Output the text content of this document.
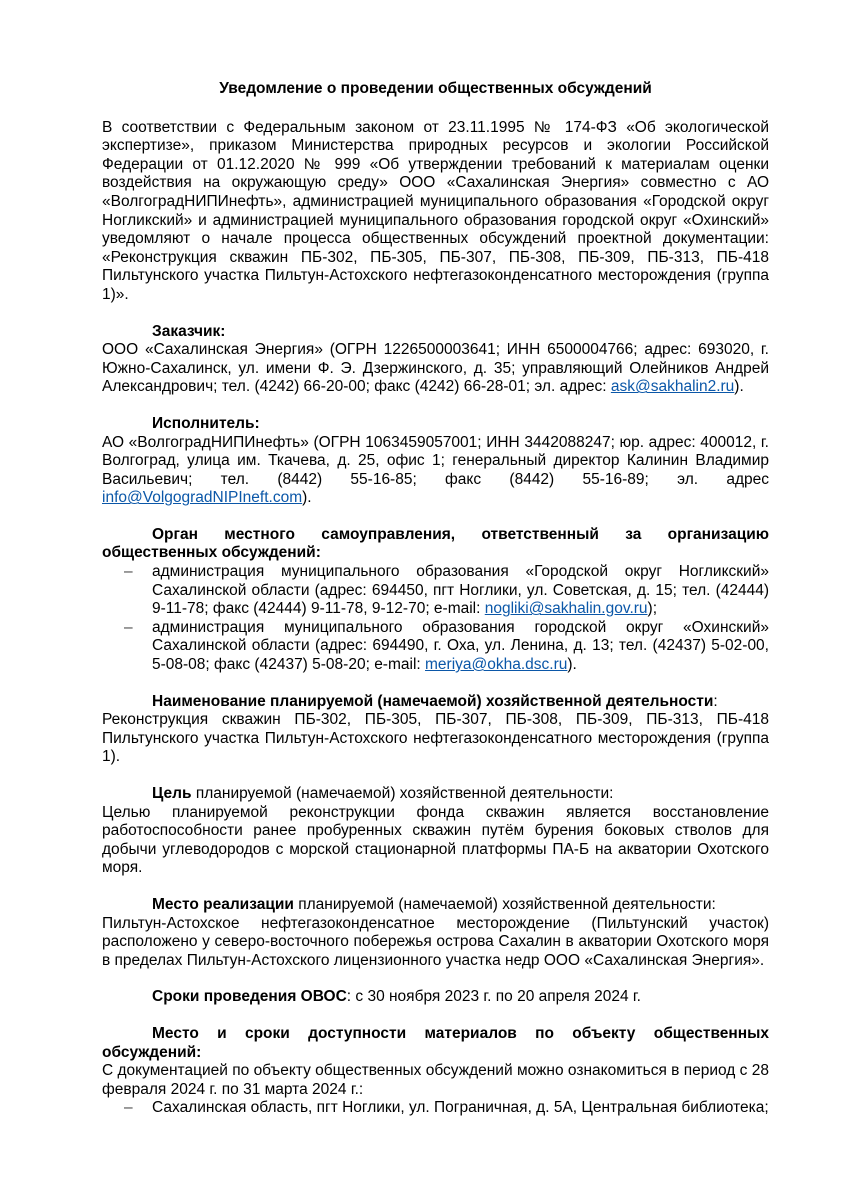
Уведомление о проведении общественных обсуждений

В соответствии с Федеральным законом от 23.11.1995 № 174-ФЗ «Об экологической экспертизе», приказом Министерства природных ресурсов и экологии Российской Федерации от 01.12.2020 № 999 «Об утверждении требований к материалам оценки воздействия на окружающую среду» ООО «Сахалинская Энергия» совместно с АО «ВолгоградНИПИнефть», администрацией муниципального образования «Городской округ Ногликский» и администрацией муниципального образования городской округ «Охинский» уведомляют о начале процесса общественных обсуждений проектной документации: «Реконструкция скважин ПБ-302, ПБ-305, ПБ-307, ПБ-308, ПБ-309, ПБ-313, ПБ-418 Пильтунского участка Пильтун-Астохского нефтегазоконденсатного месторождения (группа 1)».

Заказчик:

ООО «Сахалинская Энергия» (ОГРН 1226500003641; ИНН 6500004766; адрес: 693020, г. Южно-Сахалинск, ул. имени Ф. Э. Дзержинского, д. 35; управляющий Олейников Андрей Александрович; тел. (4242) 66-20-00; факс (4242) 66-28-01; эл. адрес: ask@sakhalin2.ru).

Исполнитель:

АО «ВолгоградНИПИнефть» (ОГРН 1063459057001; ИНН 3442088247; юр. адрес: 400012, г. Волгоград, улица им. Ткачева, д. 25, офис 1; генеральный директор Калинин Владимир Васильевич; тел. (8442) 55-16-85; факс (8442) 55-16-89; эл. адрес info@VolgogradNIPIneft.com).

Орган местного самоуправления, ответственный за организацию общественных обсуждений:

–	администрация муниципального образования «Городской округ Ногликский» Сахалинской области (адрес: 694450, пгт Ноглики, ул. Советская, д. 15; тел. (42444) 9-11-78; факс (42444) 9-11-78, 9-12-70; e-mail: nogliki@sakhalin.gov.ru);
–	администрация муниципального образования городской округ «Охинский» Сахалинской области (адрес: 694490, г. Оха, ул. Ленина, д. 13; тел. (42437) 5-02-00, 5-08-08; факс (42437) 5-08-20; e-mail: meriya@okha.dsc.ru).

Наименование планируемой (намечаемой) хозяйственной деятельности:

Реконструкция скважин ПБ-302, ПБ-305, ПБ-307, ПБ-308, ПБ-309, ПБ-313, ПБ-418 Пильтунского участка Пильтун-Астохского нефтегазоконденсатного месторождения (группа 1).

Цель планируемой (намечаемой) хозяйственной деятельности:

Целью планируемой реконструкции фонда скважин является восстановление работоспособности ранее пробуренных скважин путём бурения боковых стволов для добычи углеводородов с морской стационарной платформы ПА-Б на акватории Охотского моря.

Место реализации планируемой (намечаемой) хозяйственной деятельности:

Пильтун-Астохское нефтегазоконденсатное месторождение (Пильтунский участок) расположено у северо-восточного побережья острова Сахалин в акватории Охотского моря в пределах Пильтун-Астохского лицензионного участка недр ООО «Сахалинская Энергия».

Сроки проведения ОВОС: с 30 ноября 2023 г. по 20 апреля 2024 г.

Место и сроки доступности материалов по объекту общественных обсуждений:

С документацией по объекту общественных обсуждений можно ознакомиться в период с 28 февраля 2024 г. по 31 марта 2024 г.:

–	Сахалинская область, пгт Ноглики, ул. Пограничная, д. 5А, Центральная библиотека;
